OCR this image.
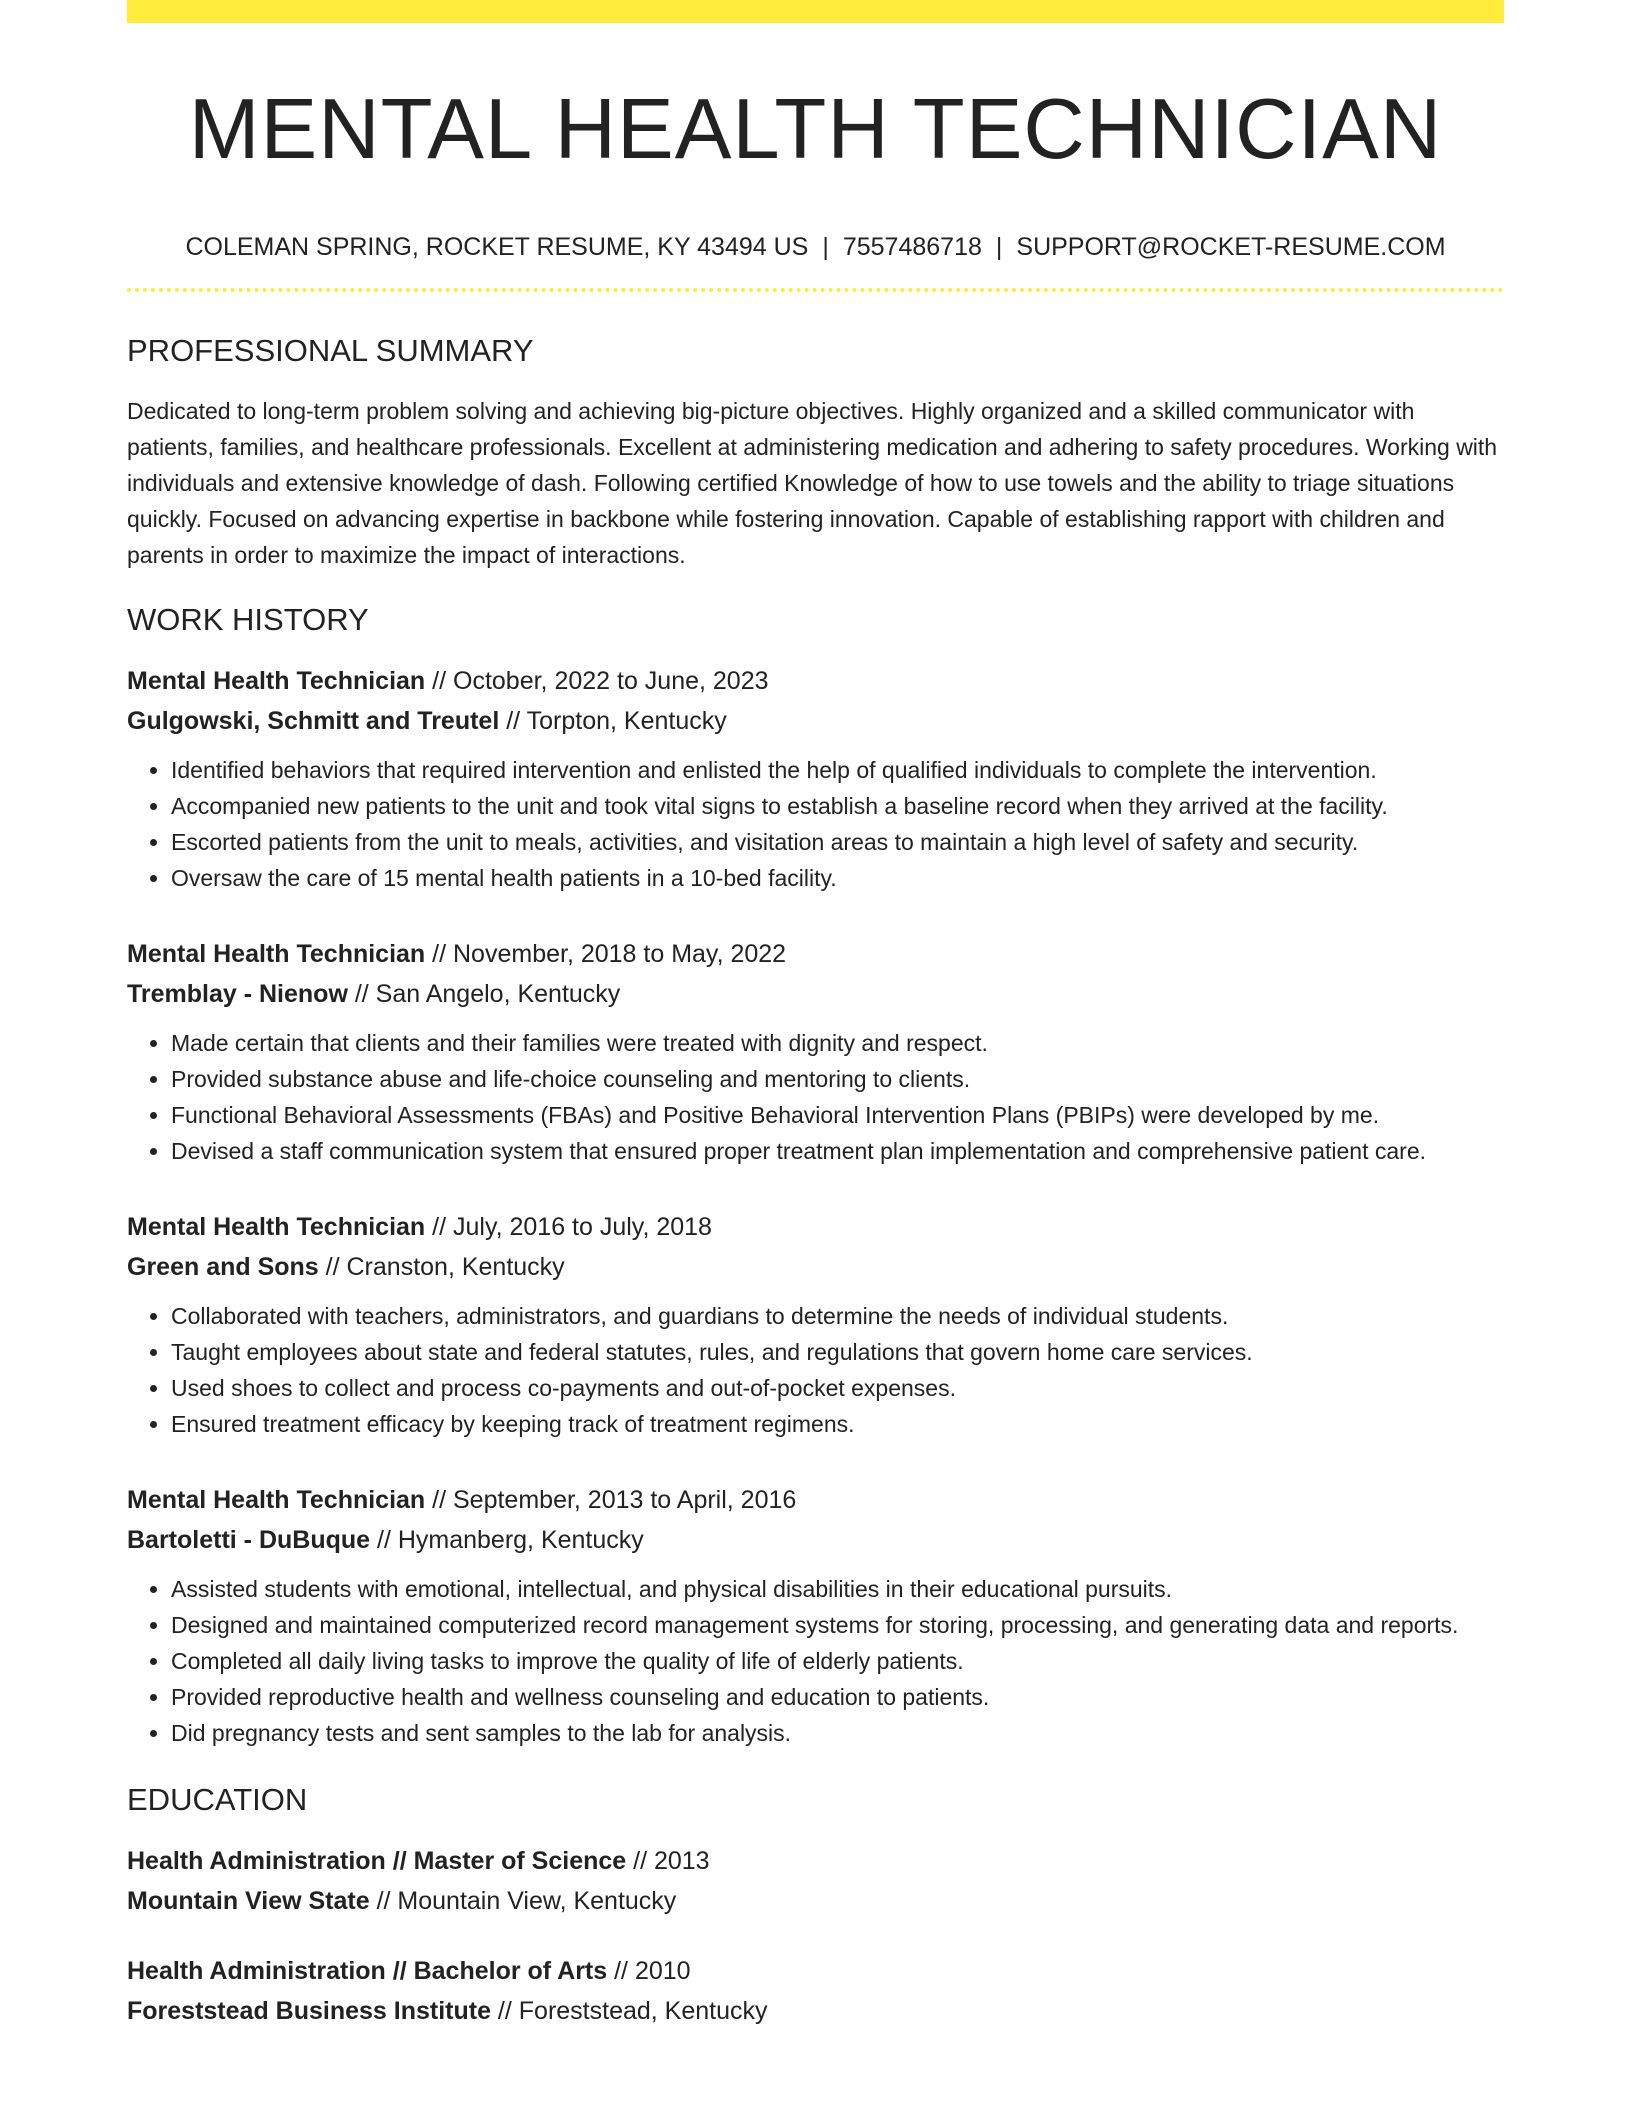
MENTAL HEALTH TECHNICIAN
COLEMAN SPRING, ROCKET RESUME, KY 43494 US | 7557486718 | SUPPORT@ROCKET-RESUME.COM
PROFESSIONAL SUMMARY

Dedicated to long-term problem solving and achieving big-picture objectives. Highly organized and a skilled communicator with patients, families, and healthcare professionals. Excellent at administering medication and adhering to safety procedures. Working with individuals and extensive knowledge of dash. Following certified Knowledge of how to use towels and the ability to triage situations quickly. Focused on advancing expertise in backbone while fostering innovation. Capable of establishing rapport with children and parents in order to maximize the impact of interactions.

WORK HISTORY
Mental Health Technician // October, 2022 to June, 2023
Gulgowski, Schmitt and Treutel // Torpton, Kentucky
• Identified behaviors that required intervention and enlisted the help of qualified individuals to complete the intervention.
• Accompanied new patients to the unit and took vital signs to establish a baseline record when they arrived at the facility.
• Escorted patients from the unit to meals, activities, and visitation areas to maintain a high level of safety and security.
• Oversaw the care of 15 mental health patients in a 10-bed facility.
Mental Health Technician // November, 2018 to May, 2022
Tremblay - Nienow // San Angelo, Kentucky
• Made certain that clients and their families were treated with dignity and respect.
• Provided substance abuse and life-choice counseling and mentoring to clients.
• Functional Behavioral Assessments (FBAs) and Positive Behavioral Intervention Plans (PBIPs) were developed by me.
• Devised a staff communication system that ensured proper treatment plan implementation and comprehensive patient care.
Mental Health Technician // July, 2016 to July, 2018
Green and Sons // Cranston, Kentucky
• Collaborated with teachers, administrators, and guardians to determine the needs of individual students.
• Taught employees about state and federal statutes, rules, and regulations that govern home care services.
• Used shoes to collect and process co-payments and out-of-pocket expenses.
• Ensured treatment efficacy by keeping track of treatment regimens.
Mental Health Technician // September, 2013 to April, 2016
Bartoletti - DuBuque // Hymanberg, Kentucky
• Assisted students with emotional, intellectual, and physical disabilities in their educational pursuits.
• Designed and maintained computerized record management systems for storing, processing, and generating data and reports.
• Completed all daily living tasks to improve the quality of life of elderly patients.
• Provided reproductive health and wellness counseling and education to patients.
• Did pregnancy tests and sent samples to the lab for analysis.
EDUCATION
Health Administration // Master of Science // 2013
Mountain View State // Mountain View, Kentucky
Health Administration // Bachelor of Arts // 2010
Foreststead Business Institute // Foreststead, Kentucky
